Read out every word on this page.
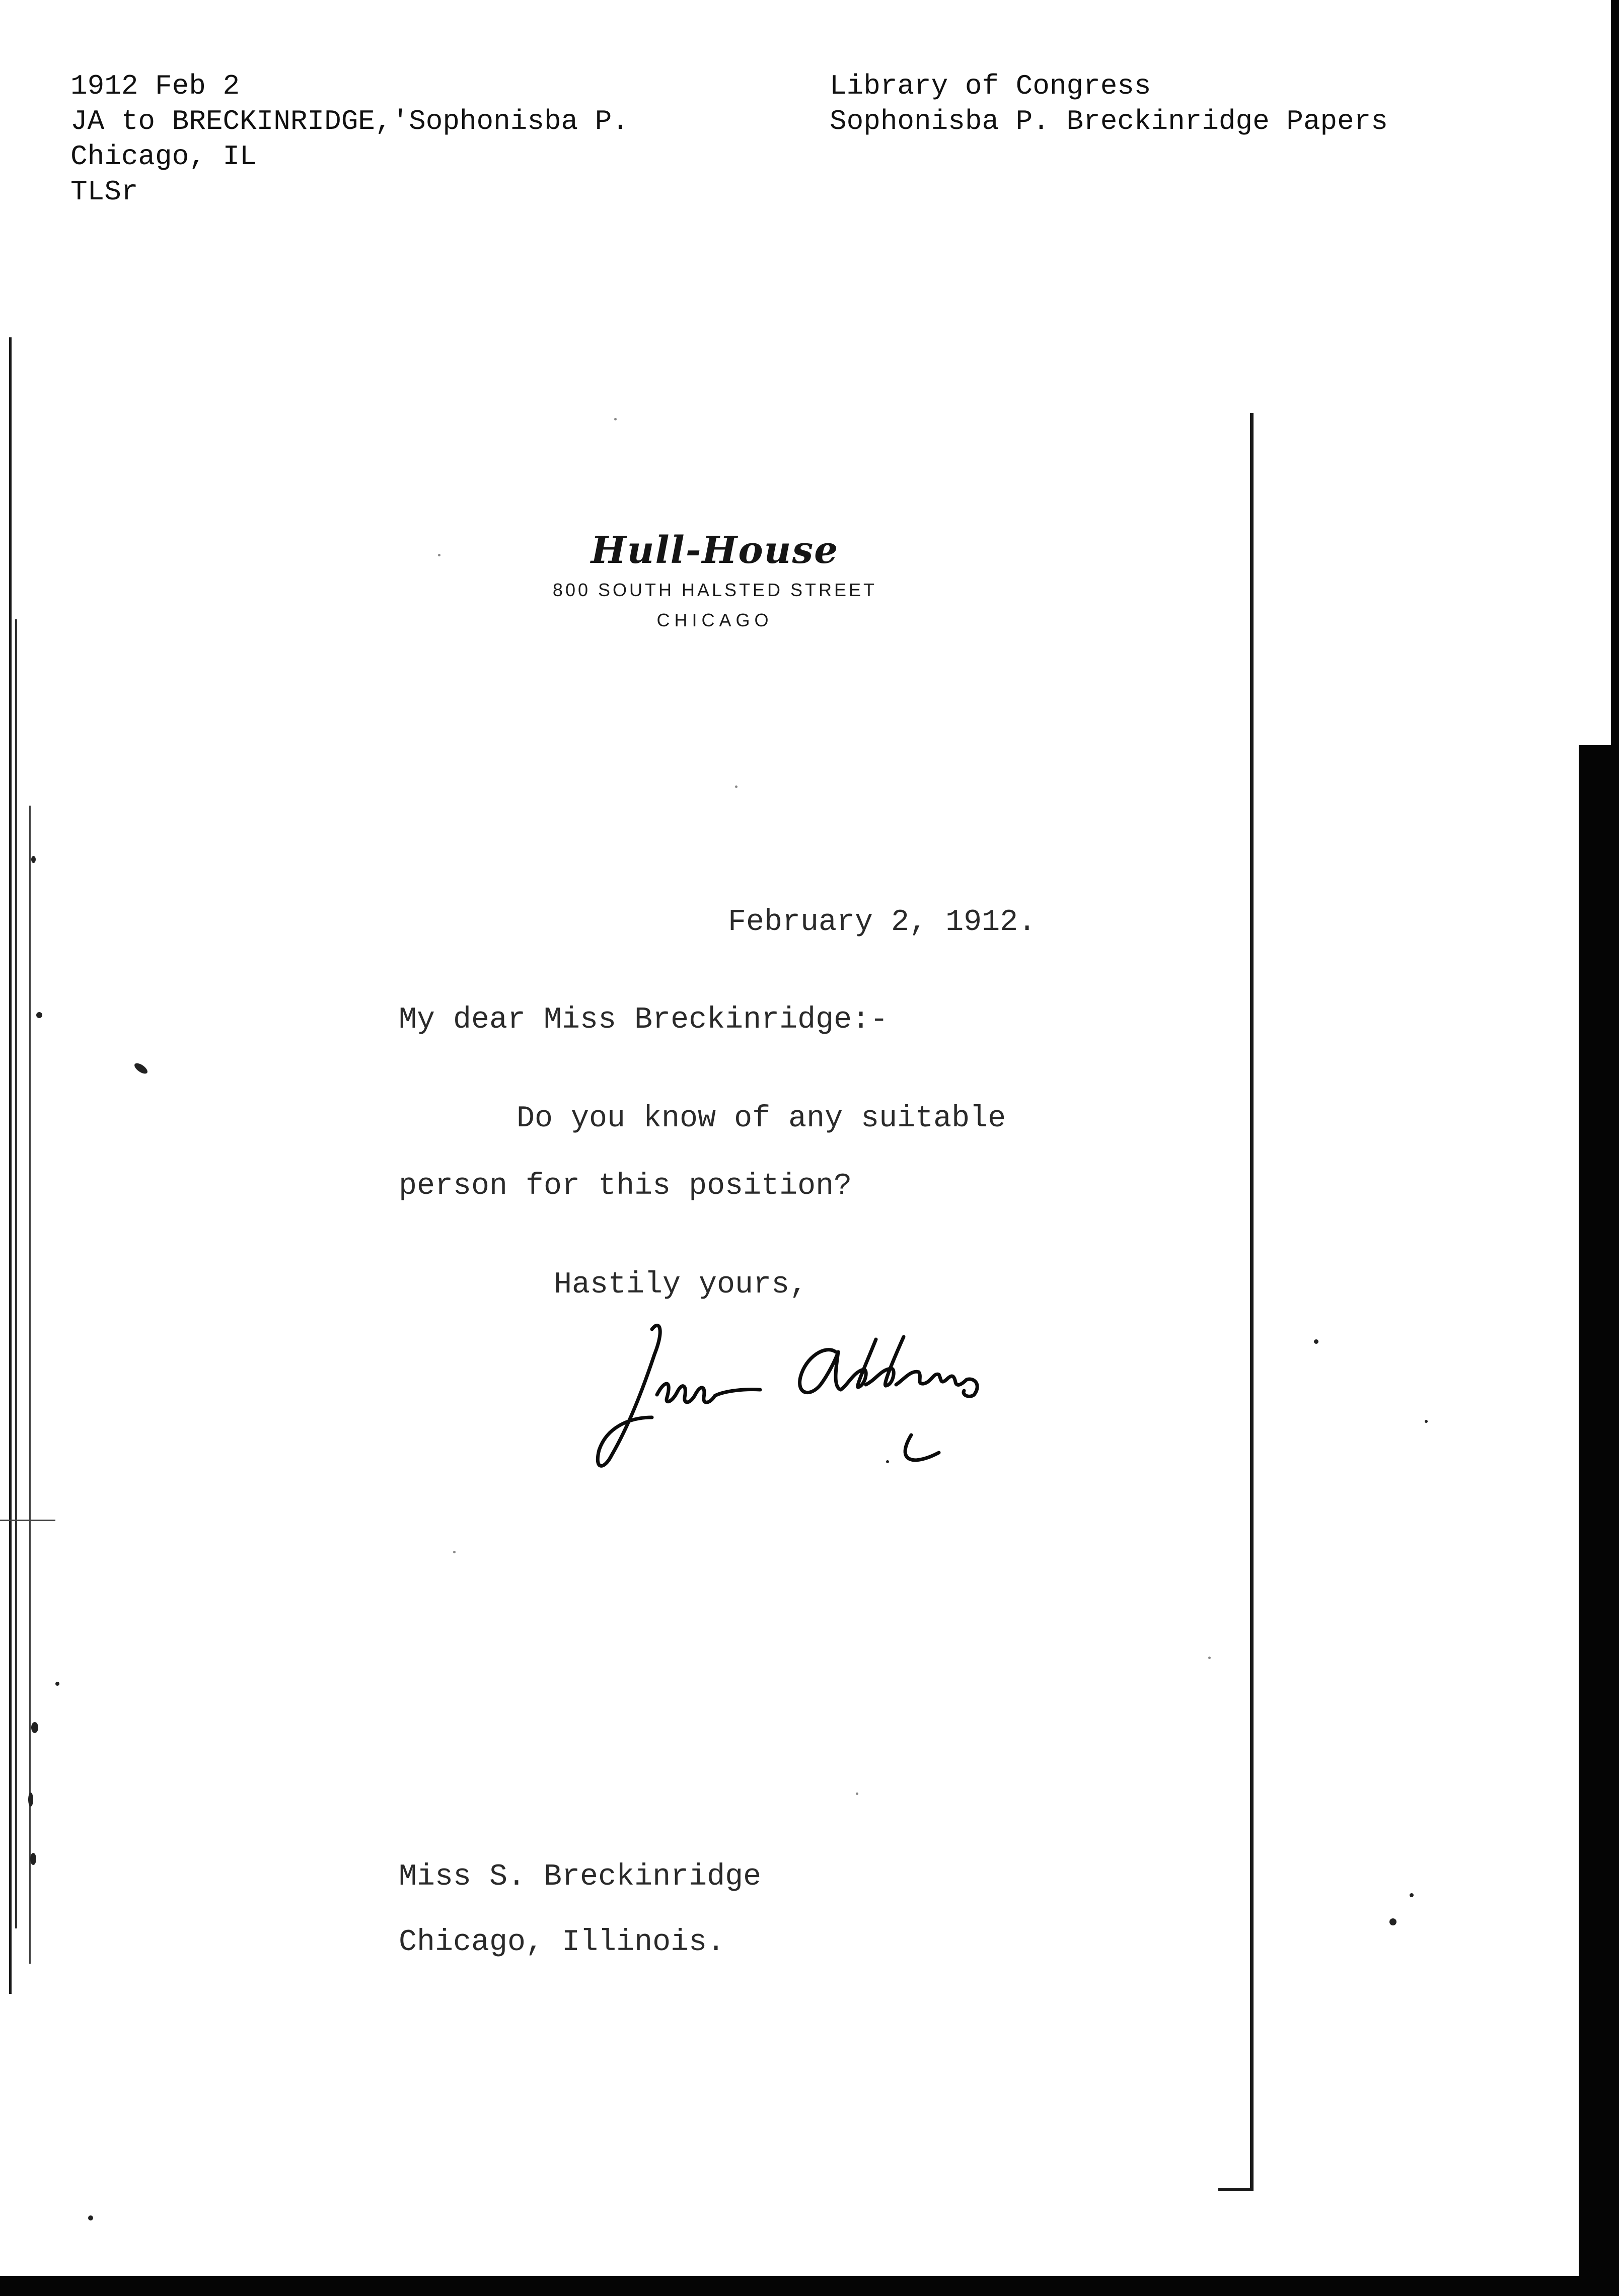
1912 Feb 2
JA to BRECKINRIDGE,'Sophonisba P.
Chicago, IL
TLSr
Library of Congress
Sophonisba P. Breckinridge Papers
Hull-House
800 SOUTH HALSTED STREET
CHICAGO
February 2, 1912.
My dear Miss Breckinridge:-
Do you know of any suitable
person for this position?
Hastily yours,
Miss S. Breckinridge
Chicago, Illinois.
